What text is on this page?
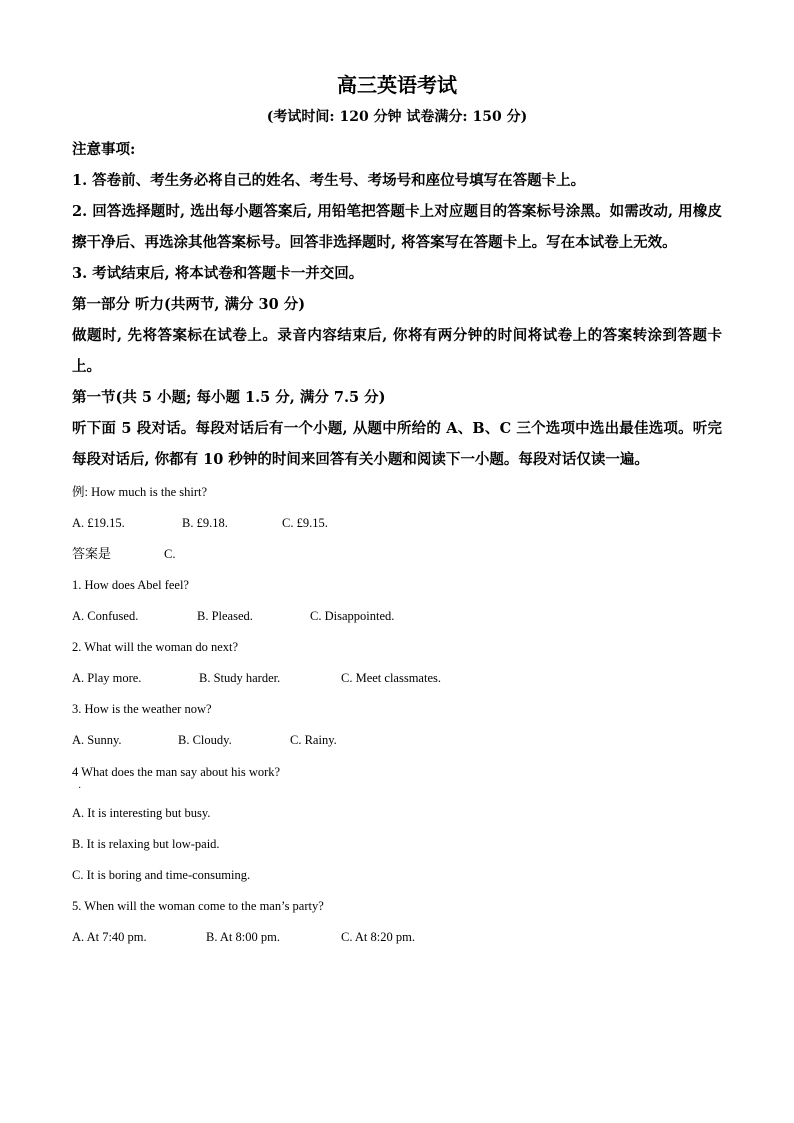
高三英语考试
(考试时间: 120 分钟 试卷满分: 150 分)

注意事项:

1. 答卷前、考生务必将自己的姓名、考生号、考场号和座位号填写在答题卡上。

2. 回答选择题时, 选出每小题答案后, 用铅笔把答题卡上对应题目的答案标号涂黑。如需改动, 用橡皮擦干净后、再选涂其他答案标号。回答非选择题时, 将答案写在答题卡上。写在本试卷上无效。

3. 考试结束后, 将本试卷和答题卡一并交回。

第一部分 听力(共两节, 满分 30 分)

做题时, 先将答案标在试卷上。录音内容结束后, 你将有两分钟的时间将试卷上的答案转涂到答题卡上。

第一节(共 5 小题; 每小题 1.5 分, 满分 7.5 分)

听下面 5 段对话。每段对话后有一个小题, 从题中所给的 A、B、C 三个选项中选出最佳选项。听完每段对话后, 你都有 10 秒钟的时间来回答有关小题和阅读下一小题。每段对话仅读一遍。

例: How much is the shirt?

A. £19.15.	B. £9.18.	C. £9.15.
答案是	C.

1. How does Abel feel?

A. Confused.	B. Pleased.	C. Disappointed.

2. What will the woman do next?

A. Play more.	B. Study harder.	C. Meet classmates.

3. How is the weather now?

A. Sunny.	B. Cloudy.	C. Rainy.

4 What does the man say about his work?

·

A. It is interesting but busy.

B. It is relaxing but low-paid.

C. It is boring and time-consuming.

5. When will the woman come to the man’s party?

A. At 7:40 pm.	B. At 8:00 pm.	C. At 8:20 pm.
